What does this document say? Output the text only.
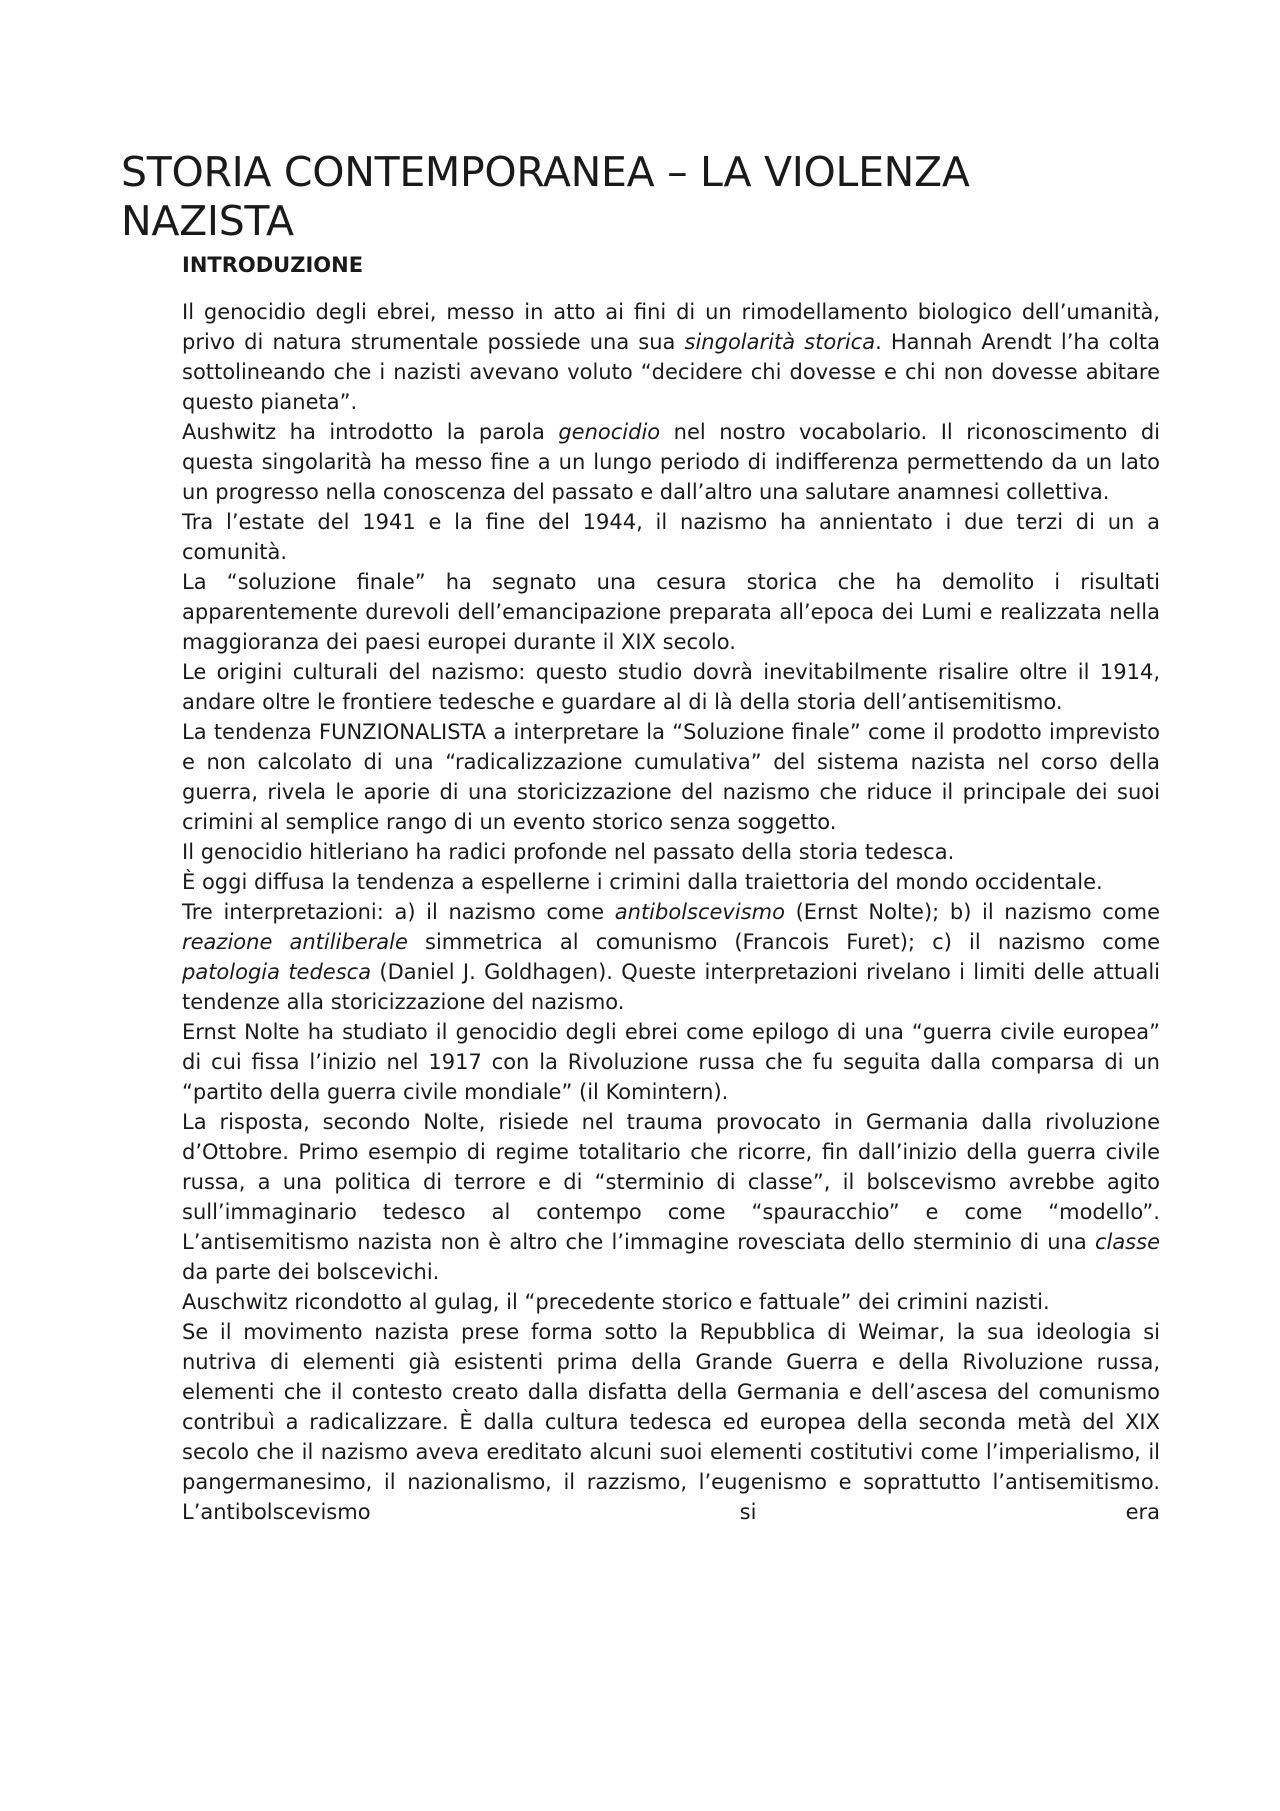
STORIA CONTEMPORANEA – LA VIOLENZA NAZISTA
INTRODUZIONE

Il genocidio degli ebrei, messo in atto ai fini di un rimodellamento biologico dell’umanità, privo di natura strumentale possiede una sua singolarità storica. Hannah Arendt l’ha colta sottolineando che i nazisti avevano voluto “decidere chi dovesse e chi non dovesse abitare questo pianeta”.

Aushwitz ha introdotto la parola genocidio nel nostro vocabolario. Il riconoscimento di questa singolarità ha messo fine a un lungo periodo di indifferenza permettendo da un lato un progresso nella conoscenza del passato e dall’altro una salutare anamnesi collettiva.

Tra l’estate del 1941 e la fine del 1944, il nazismo ha annientato i due terzi di un a comunità.

La “soluzione finale” ha segnato una cesura storica che ha demolito i risultati apparentemente durevoli dell’emancipazione preparata all’epoca dei Lumi e realizzata nella maggioranza dei paesi europei durante il XIX secolo.

Le origini culturali del nazismo: questo studio dovrà inevitabilmente risalire oltre il 1914, andare oltre le frontiere tedesche e guardare al di là della storia dell’antisemitismo.

La tendenza FUNZIONALISTA a interpretare la “Soluzione finale” come il prodotto imprevisto e non calcolato di una “radicalizzazione cumulativa” del sistema nazista nel corso della guerra, rivela le aporie di una storicizzazione del nazismo che riduce il principale dei suoi crimini al semplice rango di un evento storico senza soggetto.

Il genocidio hitleriano ha radici profonde nel passato della storia tedesca.

È oggi diffusa la tendenza a espellerne i crimini dalla traiettoria del mondo occidentale.

Tre interpretazioni: a) il nazismo come antibolscevismo (Ernst Nolte); b) il nazismo come reazione antiliberale simmetrica al comunismo (Francois Furet); c) il nazismo come patologia tedesca (Daniel J. Goldhagen). Queste interpretazioni rivelano i limiti delle attuali tendenze alla storicizzazione del nazismo.

Ernst Nolte ha studiato il genocidio degli ebrei come epilogo di una “guerra civile europea” di cui fissa l’inizio nel 1917 con la Rivoluzione russa che fu seguita dalla comparsa di un “partito della guerra civile mondiale” (il Komintern).

La risposta, secondo Nolte, risiede nel trauma provocato in Germania dalla rivoluzione d’Ottobre. Primo esempio di regime totalitario che ricorre, fin dall’inizio della guerra civile russa, a una politica di terrore e di “sterminio di classe”, il bolscevismo avrebbe agito sull’immaginario tedesco al contempo come “spauracchio” e come “modello”. L’antisemitismo nazista non è altro che l’immagine rovesciata dello sterminio di una classe da parte dei bolscevichi.

Auschwitz ricondotto al gulag, il “precedente storico e fattuale” dei crimini nazisti.

Se il movimento nazista prese forma sotto la Repubblica di Weimar, la sua ideologia si nutriva di elementi già esistenti prima della Grande Guerra e della Rivoluzione russa, elementi che il contesto creato dalla disfatta della Germania e dell’ascesa del comunismo contribuì a radicalizzare. È dalla cultura tedesca ed europea della seconda metà del XIX secolo che il nazismo aveva ereditato alcuni suoi elementi costitutivi come l’imperialismo, il pangermanesimo, il nazionalismo, il razzismo, l’eugenismo e soprattutto l’antisemitismo. L’antibolscevismo si era
